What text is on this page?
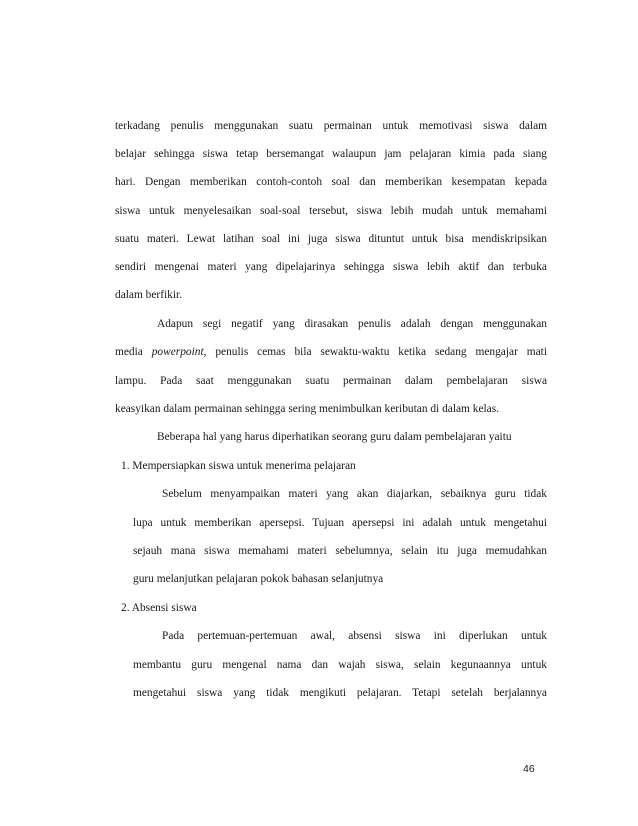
terkadang penulis menggunakan suatu permainan untuk memotivasi siswa dalam
belajar sehingga siswa tetap bersemangat walaupun jam pelajaran kimia pada siang
hari. Dengan memberikan contoh-contoh soal dan memberikan kesempatan kepada
siswa untuk menyelesaikan soal-soal tersebut, siswa lebih mudah untuk memahami
suatu materi. Lewat latihan soal ini juga siswa dituntut untuk bisa mendiskripsikan
sendiri mengenai materi yang dipelajarinya sehingga siswa lebih aktif dan terbuka
dalam berfikir.
Adapun segi negatif yang dirasakan penulis adalah dengan menggunakan
media powerpoint, penulis cemas bila sewaktu-waktu ketika sedang mengajar mati
lampu. Pada saat menggunakan suatu permainan dalam pembelajaran siswa
keasyikan dalam permainan sehingga sering menimbulkan keributan di dalam kelas.
Beberapa hal yang harus diperhatikan seorang guru dalam pembelajaran yaitu
1. Mempersiapkan siswa untuk menerima pelajaran
Sebelum menyampaikan materi yang akan diajarkan, sebaiknya guru tidak
lupa untuk memberikan apersepsi. Tujuan apersepsi ini adalah untuk mengetahui
sejauh mana siswa memahami materi sebelumnya, selain itu juga memudahkan
guru melanjutkan pelajaran pokok bahasan selanjutnya
2. Absensi siswa
Pada pertemuan-pertemuan awal, absensi siswa ini diperlukan untuk
membantu guru mengenal nama dan wajah siswa, selain kegunaannya untuk
mengetahui siswa yang tidak mengikuti pelajaran. Tetapi setelah berjalannya
46
